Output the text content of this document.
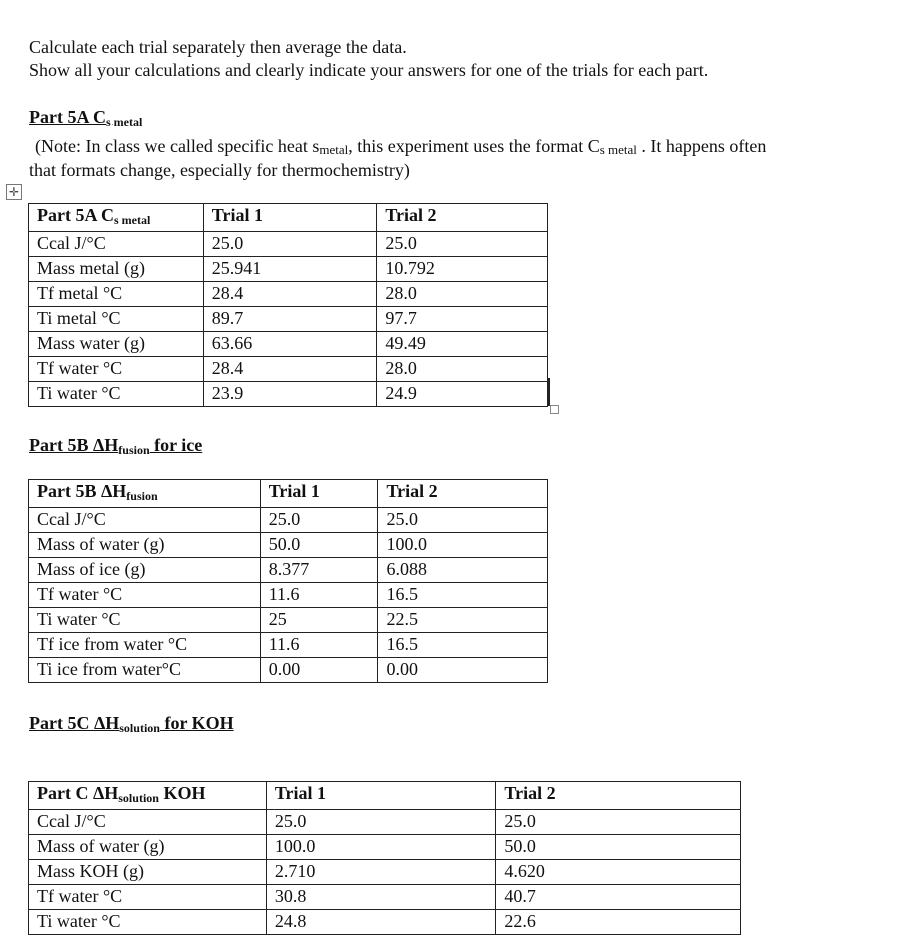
Calculate each trial separately then average the data.
Show all your calculations and clearly indicate your answers for one of the trials for each part.
Part 5A $C_{s metal}$
(Note: In class we called specific heat $s_{metal}$, this experiment uses the format $C_{s metal}$ . It happens often
that formats change, especially for thermochemistry)
✛
Part 5A $C_{s metal}$	Trial 1	Trial 2
Ccal J/°C	25.0	25.0
Mass metal (g)	25.941	10.792
Tf metal °C	28.4	28.0
Ti metal °C	89.7	97.7
Mass water (g)	63.66	49.49
Tf water °C	28.4	28.0
Ti water °C	23.9	24.9
Part 5B $\Delta H_{fusion}$ for ice
Part 5B $\Delta H_{fusion}$	Trial 1	Trial 2
Ccal J/°C	25.0	25.0
Mass of water (g)	50.0	100.0
Mass of ice (g)	8.377	6.088
Tf water °C	11.6	16.5
Ti water °C	25	22.5
Tf ice from water °C	11.6	16.5
Ti ice from water°C	0.00	0.00
Part 5C $\Delta H_{solution}$ for KOH
Part C $\Delta H_{solution}$ KOH	Trial 1	Trial 2
Ccal J/°C	25.0	25.0
Mass of water (g)	100.0	50.0
Mass KOH (g)	2.710	4.620
Tf water °C	30.8	40.7
Ti water °C	24.8	22.6
